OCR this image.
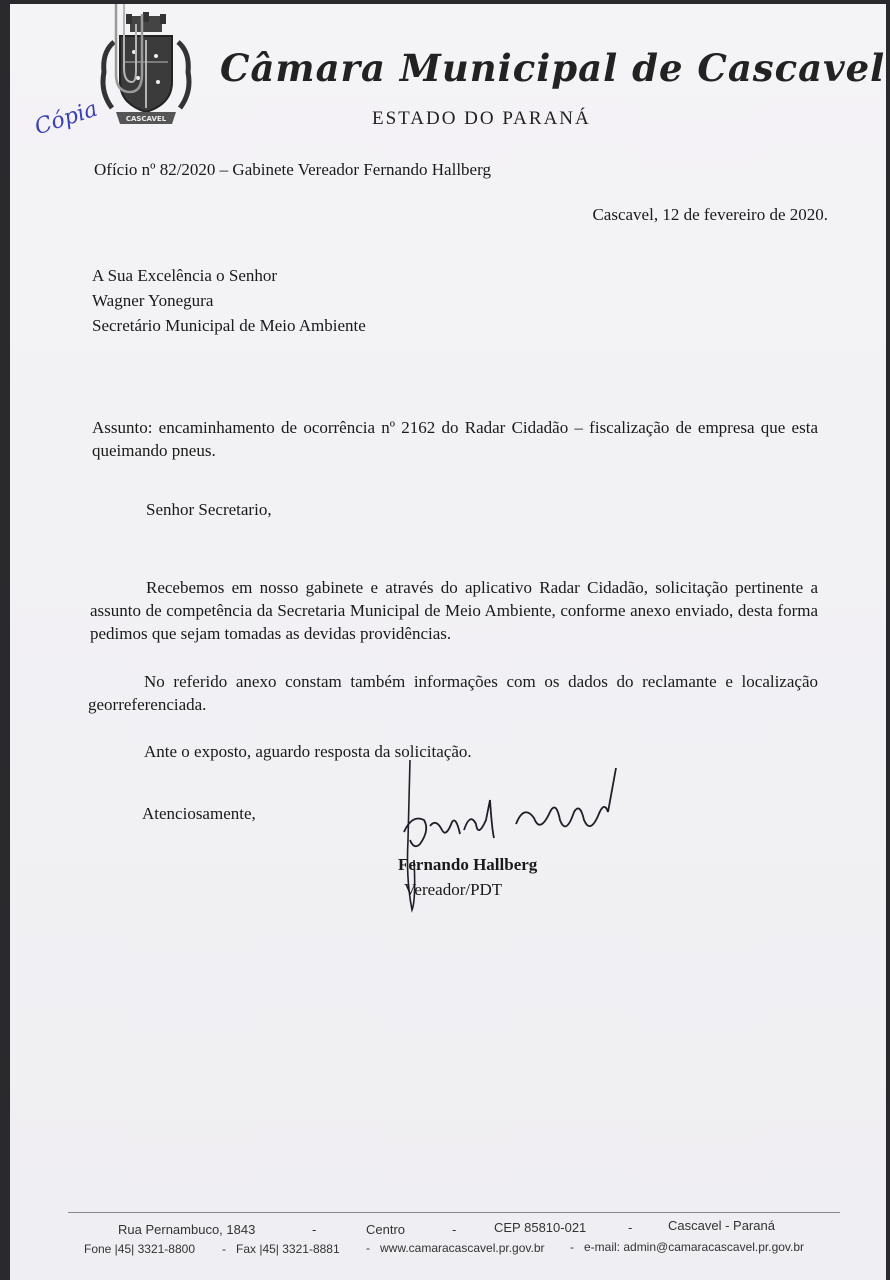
CASCAVEL
Câmara Municipal de Cascavel
ESTADO DO PARANÁ
Cópia
Ofício nº 82/2020 – Gabinete Vereador Fernando Hallberg
Cascavel, 12 de fevereiro de 2020.
A Sua Excelência o Senhor
Wagner Yonegura
Secretário Municipal de Meio Ambiente
Assunto: encaminhamento de ocorrência nº 2162 do Radar Cidadão – fiscalização de empresa que esta queimando pneus.
Senhor Secretario,
Recebemos em nosso gabinete e através do aplicativo Radar Cidadão, solicitação pertinente a assunto de competência da Secretaria Municipal de Meio Ambiente, conforme anexo enviado, desta forma pedimos que sejam tomadas as devidas providências.
No referido anexo constam também informações com os dados do reclamante e localização georreferenciada.
Ante o exposto, aguardo resposta da solicitação.
Atenciosamente,
Fernando Hallberg
Vereador/PDT
Rua Pernambuco, 1843	-	Centro	-	CEP 85810-021	-	Cascavel - Paraná
Fone |45| 3321-8800 - Fax |45| 3321-8881 - www.camaracascavel.pr.gov.br - e-mail: admin@camaracascavel.pr.gov.br
